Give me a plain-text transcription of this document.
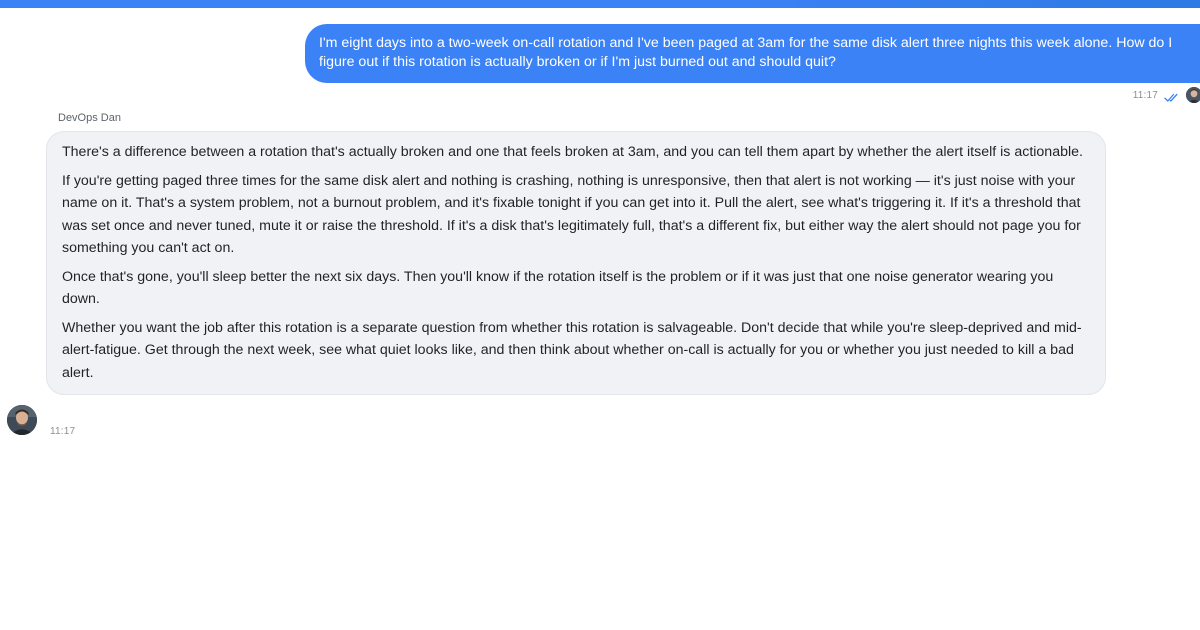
I'm eight days into a two-week on-call rotation and I've been paged at 3am for the same disk alert three nights this week alone. How do I figure out if this rotation is actually broken or if I'm just burned out and should quit?
11:17
DevOps Dan

There's a difference between a rotation that's actually broken and one that feels broken at 3am, and you can tell them apart by whether the alert itself is actionable.

If you're getting paged three times for the same disk alert and nothing is crashing, nothing is unresponsive, then that alert is not working — it's just noise with your name on it. That's a system problem, not a burnout problem, and it's fixable tonight if you can get into it. Pull the alert, see what's triggering it. If it's a threshold that was set once and never tuned, mute it or raise the threshold. If it's a disk that's legitimately full, that's a different fix, but either way the alert should not page you for something you can't act on.

Once that's gone, you'll sleep better the next six days. Then you'll know if the rotation itself is the problem or if it was just that one noise generator wearing you down.

Whether you want the job after this rotation is a separate question from whether this rotation is salvageable. Don't decide that while you're sleep-deprived and mid-alert-fatigue. Get through the next week, see what quiet looks like, and then think about whether on-call is actually for you or whether you just needed to kill a bad alert.

11:17
